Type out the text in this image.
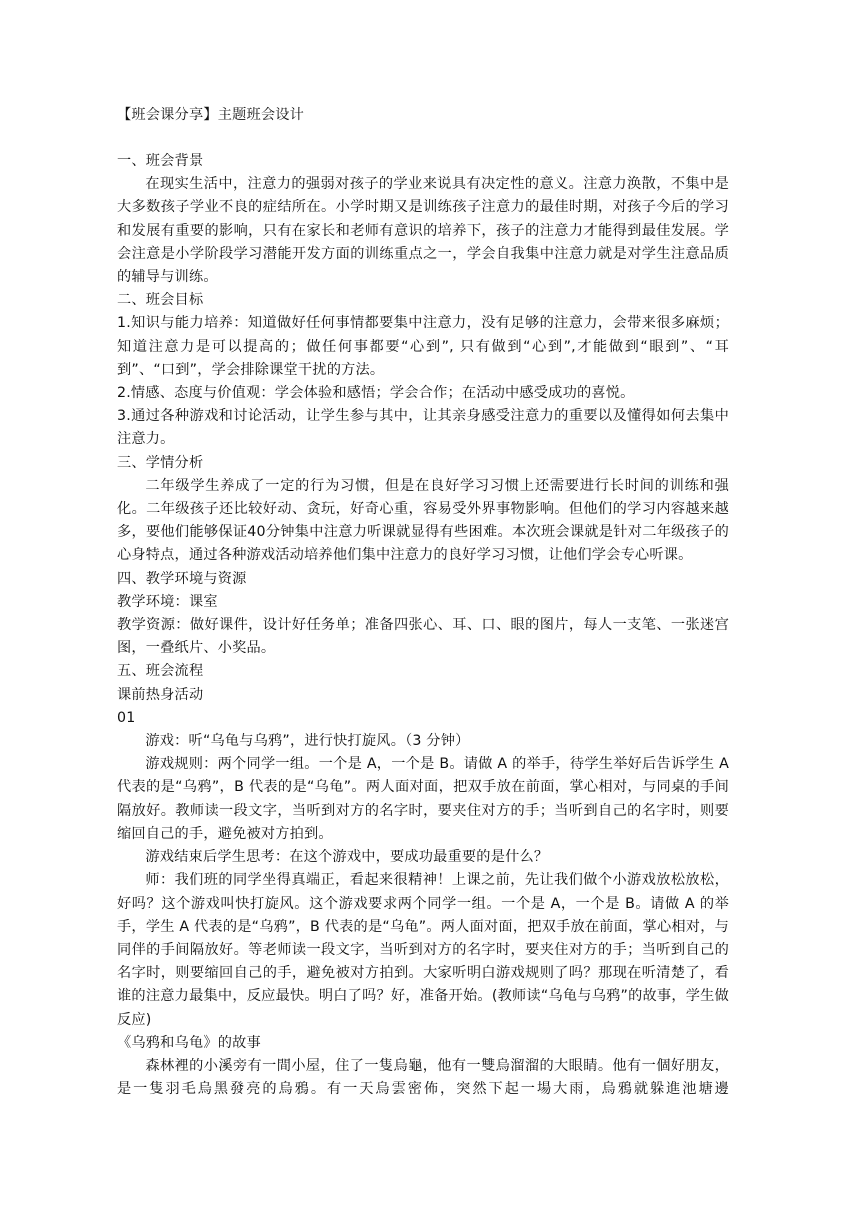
【班会课分享】主题班会设计

一、班会背景

在现实生活中，注意力的强弱对孩子的学业来说具有决定性的意义。注意力涣散，不集中是大多数孩子学业不良的症结所在。小学时期又是训练孩子注意力的最佳时期，对孩子今后的学习和发展有重要的影响，只有在家长和老师有意识的培养下，孩子的注意力才能得到最佳发展。学会注意是小学阶段学习潜能开发方面的训练重点之一，学会自我集中注意力就是对学生注意品质的辅导与训练。

二、班会目标

1.知识与能力培养：知道做好任何事情都要集中注意力，没有足够的注意力，会带来很多麻烦；知道注意力是可以提高的；做任何事都要“心到”, 只有做到“心到”,才能做到“眼到”、“耳到”、“口到”，学会排除课堂干扰的方法。

2.情感、态度与价值观：学会体验和感悟；学会合作；在活动中感受成功的喜悦。

3.通过各种游戏和讨论活动，让学生参与其中，让其亲身感受注意力的重要以及懂得如何去集中注意力。

三、学情分析

二年级学生养成了一定的行为习惯，但是在良好学习习惯上还需要进行长时间的训练和强化。二年级孩子还比较好动、贪玩，好奇心重，容易受外界事物影响。但他们的学习内容越来越多，要他们能够保证40分钟集中注意力听课就显得有些困难。本次班会课就是针对二年级孩子的心身特点，通过各种游戏活动培养他们集中注意力的良好学习习惯，让他们学会专心听课。

四、教学环境与资源

教学环境：课室

教学资源：做好课件，设计好任务单；准备四张心、耳、口、眼的图片，每人一支笔、一张迷宫图，一叠纸片、小奖品。

五、班会流程

课前热身活动

01

游戏：听“乌龟与乌鸦”，进行快打旋风。（3 分钟）

游戏规则：两个同学一组。一个是 A，一个是 B。请做 A 的举手，待学生举好后告诉学生 A 代表的是“乌鸦”，B 代表的是“乌龟”。两人面对面，把双手放在前面，掌心相对，与同桌的手间隔放好。教师读一段文字，当听到对方的名字时，要夹住对方的手；当听到自己的名字时，则要缩回自己的手，避免被对方拍到。

游戏结束后学生思考：在这个游戏中，要成功最重要的是什么？

师：我们班的同学坐得真端正，看起来很精神！上课之前，先让我们做个小游戏放松放松，好吗？这个游戏叫快打旋风。这个游戏要求两个同学一组。一个是 A，一个是 B。请做 A 的举手，学生 A 代表的是“乌鸦”，B 代表的是“乌龟”。两人面对面，把双手放在前面，掌心相对，与同伴的手间隔放好。等老师读一段文字，当听到对方的名字时，要夹住对方的手；当听到自己的名字时，则要缩回自己的手，避免被对方拍到。大家听明白游戏规则了吗？那现在听清楚了，看谁的注意力最集中，反应最快。明白了吗？好，准备开始。(教师读“乌龟与乌鸦”的故事，学生做反应)

《乌鸦和乌龟》的故事

森林裡的小溪旁有一間小屋，住了一隻烏龜，他有一雙烏溜溜的大眼睛。他有一個好朋友，是一隻羽毛烏黑發亮的烏鴉。有一天烏雲密佈，突然下起一場大雨，烏鴉就躲進池塘邊
